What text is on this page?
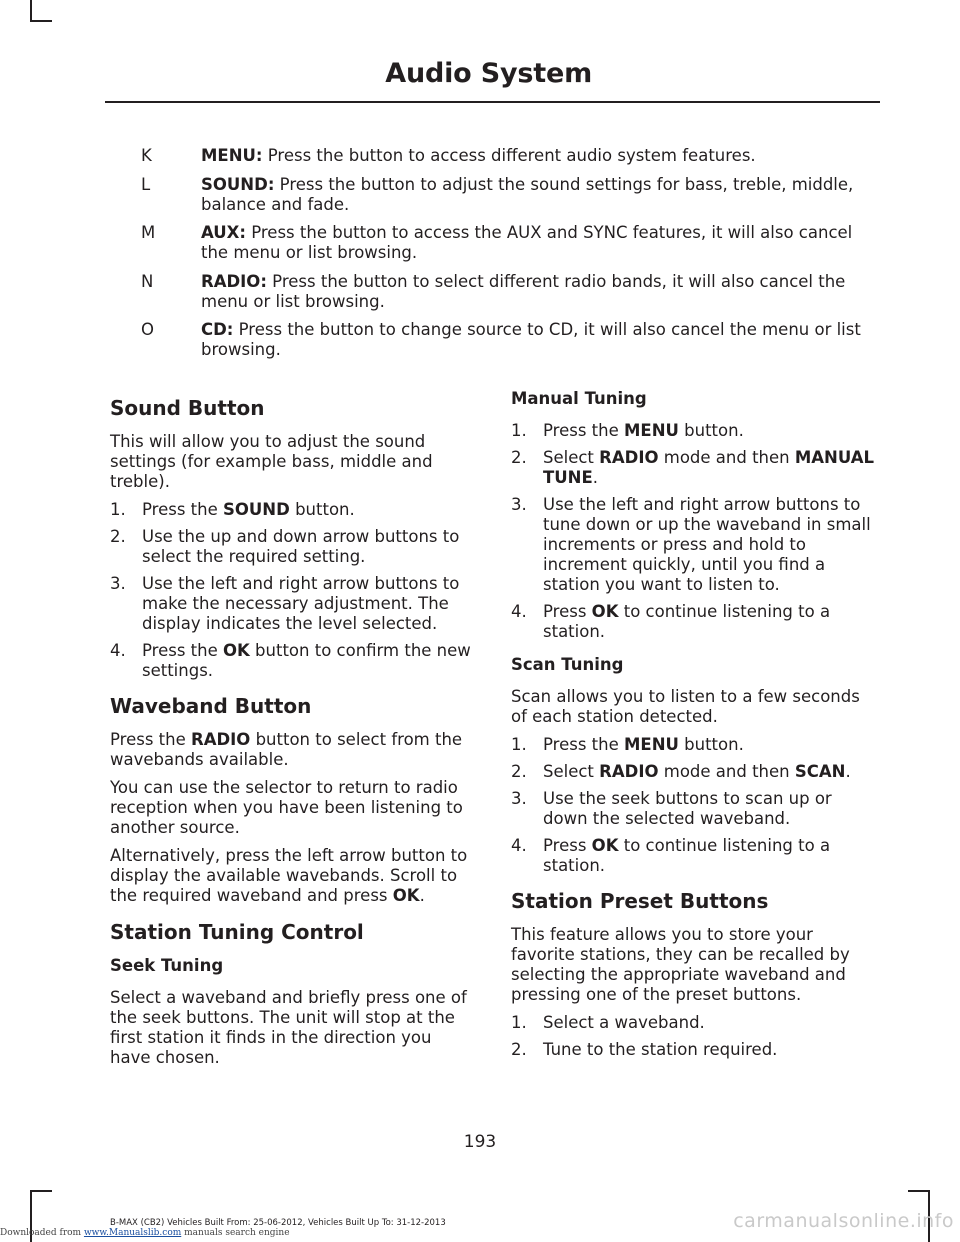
Audio System
K	MENU: Press the button to access different audio system features.
L	SOUND: Press the button to adjust the sound settings for bass, treble, middle, balance and fade.
M	AUX: Press the button to access the AUX and SYNC features, it will also cancel the menu or list browsing.
N	RADIO: Press the button to select different radio bands, it will also cancel the menu or list browsing.
O	CD: Press the button to change source to CD, it will also cancel the menu or list browsing.
Sound Button

This will allow you to adjust the sound settings (for example bass, middle and treble).

1. Press the SOUND button.
2. Use the up and down arrow buttons to select the required setting.
3. Use the left and right arrow buttons to make the necessary adjustment. The display indicates the level selected.
4. Press the OK button to confirm the new settings.
Waveband Button

Press the RADIO button to select from the wavebands available.

You can use the selector to return to radio reception when you have been listening to another source.

Alternatively, press the left arrow button to display the available wavebands. Scroll to the required waveband and press OK.

Station Tuning Control
Seek Tuning

Select a waveband and briefly press one of the seek buttons. The unit will stop at the first station it finds in the direction you have chosen.

Manual Tuning
1. Press the MENU button.
2. Select RADIO mode and then MANUAL TUNE.
3. Use the left and right arrow buttons to tune down or up the waveband in small increments or press and hold to increment quickly, until you find a station you want to listen to.
4. Press OK to continue listening to a station.
Scan Tuning

Scan allows you to listen to a few seconds of each station detected.

1. Press the MENU button.
2. Select RADIO mode and then SCAN.
3. Use the seek buttons to scan up or down the selected waveband.
4. Press OK to continue listening to a station.
Station Preset Buttons

This feature allows you to store your favorite stations, they can be recalled by selecting the appropriate waveband and pressing one of the preset buttons.

1. Select a waveband.
2. Tune to the station required.
193
B-MAX (CB2) Vehicles Built From: 25-06-2012, Vehicles Built Up To: 31-12-2013
Downloaded from www.Manualslib.com manuals search engine
carmanualsonline.info
